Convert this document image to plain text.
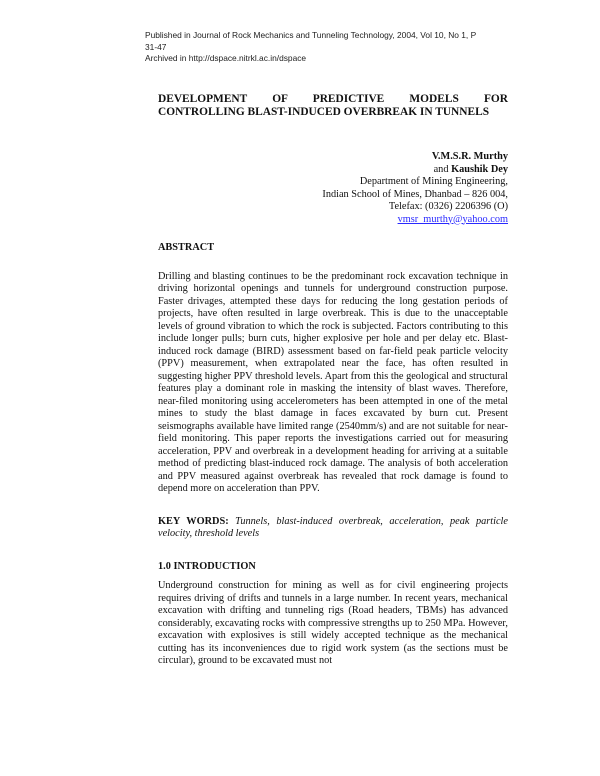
Published in Journal of Rock Mechanics and Tunneling Technology, 2004, Vol 10, No 1, P
31-47
Archived in http://dspace.nitrkl.ac.in/dspace

DEVELOPMENT OF PREDICTIVE MODELS FOR CONTROLLING BLAST-INDUCED OVERBREAK IN TUNNELS

V.M.S.R. Murthy
and Kaushik Dey
Department of Mining Engineering,
Indian School of Mines, Dhanbad – 826 004,
Telefax: (0326) 2206396 (O)
vmsr_murthy@yahoo.com

ABSTRACT

Drilling and blasting continues to be the predominant rock excavation technique in driving horizontal openings and tunnels for underground construction purpose. Faster drivages, attempted these days for reducing the long gestation periods of projects, have often resulted in large overbreak. This is due to the unacceptable levels of ground vibration to which the rock is subjected. Factors contributing to this include longer pulls; burn cuts, higher explosive per hole and per delay etc. Blast-induced rock damage (BIRD) assessment based on far-field peak particle velocity (PPV) measurement, when extrapolated near the face, has often resulted in suggesting higher PPV threshold levels. Apart from this the geological and structural features play a dominant role in masking the intensity of blast waves. Therefore, near-filed monitoring using accelerometers has been attempted in one of the metal mines to study the blast damage in faces excavated by burn cut. Present seismographs available have limited range (2540mm/s) and are not suitable for near-field monitoring. This paper reports the investigations carried out for measuring acceleration, PPV and overbreak in a development heading for arriving at a suitable method of predicting blast-induced rock damage. The analysis of both acceleration and PPV measured against overbreak has revealed that rock damage is found to depend more on acceleration than PPV.

KEY WORDS: Tunnels, blast-induced overbreak, acceleration, peak particle velocity, threshold levels

1.0 INTRODUCTION

Underground construction for mining as well as for civil engineering projects requires driving of drifts and tunnels in a large number. In recent years, mechanical excavation with drifting and tunneling rigs (Road headers, TBMs) has advanced considerably, excavating rocks with compressive strengths up to 250 MPa. However, excavation with explosives is still widely accepted technique as the mechanical cutting has its inconveniences due to rigid work system (as the sections must be circular), ground to be excavated must not
